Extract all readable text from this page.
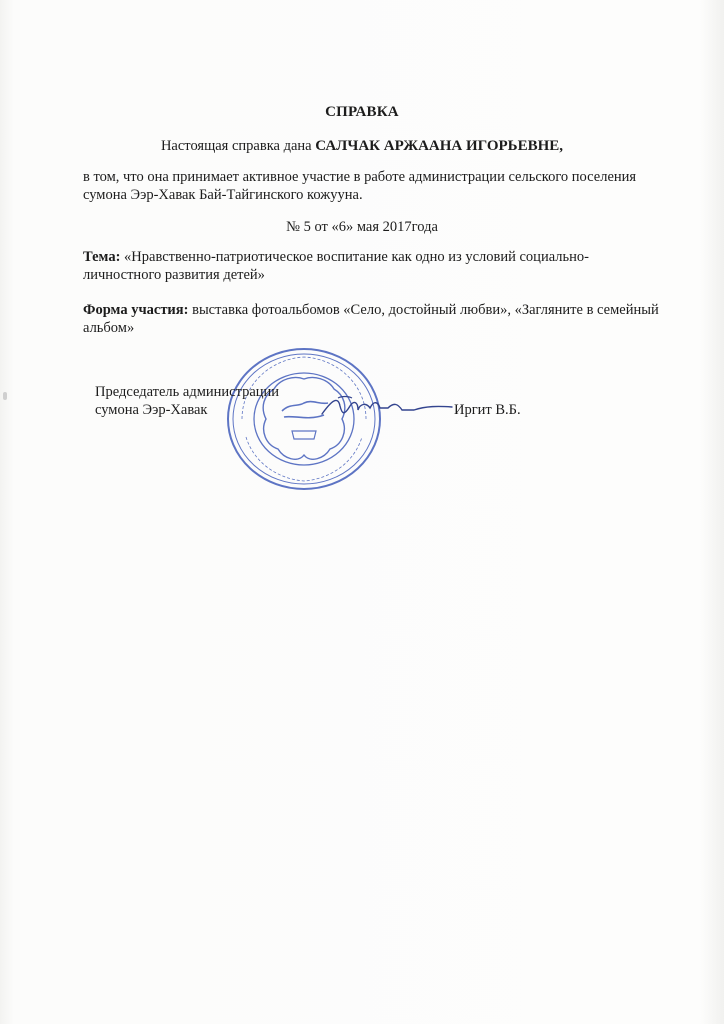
СПРАВКА
Настоящая справка дана САЛЧАК АРЖААНА ИГОРЬЕВНЕ,
в том, что она принимает активное участие в работе администрации сельского поселения сумона Ээр-Хавак Бай-Тайгинского кожууна.
№ 5 от «6» мая 2017года
Тема: «Нравственно-патриотическое воспитание как одно из условий социально-личностного развития детей»
Форма участия: выставка фотоальбомов «Село, достойный любви», «Загляните в семейный альбом»
Председатель администрации
сумона Ээр-Хавак	Иргит В.Б.
